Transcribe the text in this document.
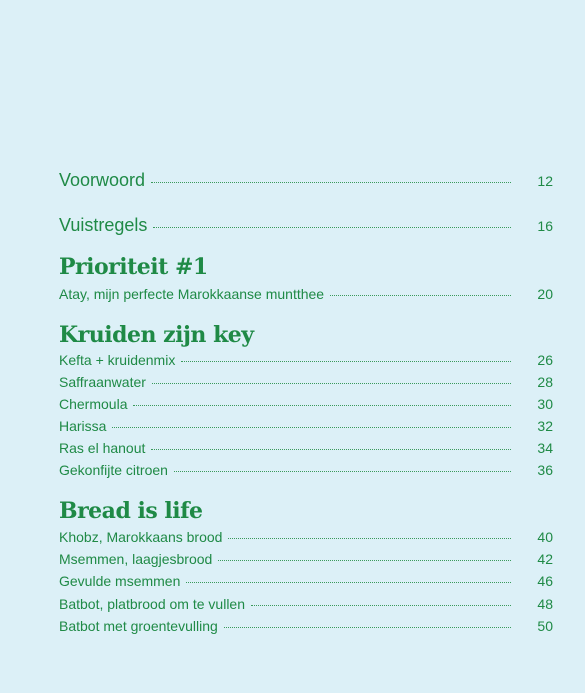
Voorwoord	12
Vuistregels	16
Prioriteit #1
Atay, mijn perfecte Marokkaanse muntthee	20
Kruiden zijn key
Kefta + kruidenmix	26
Saffraanwater	28
Chermoula	30
Harissa	32
Ras el hanout	34
Gekonfijte citroen	36
Bread is life
Khobz, Marokkaans brood	40
Msemmen, laagjesbrood	42
Gevulde msemmen	46
Batbot, platbrood om te vullen	48
Batbot met groentevulling	50
